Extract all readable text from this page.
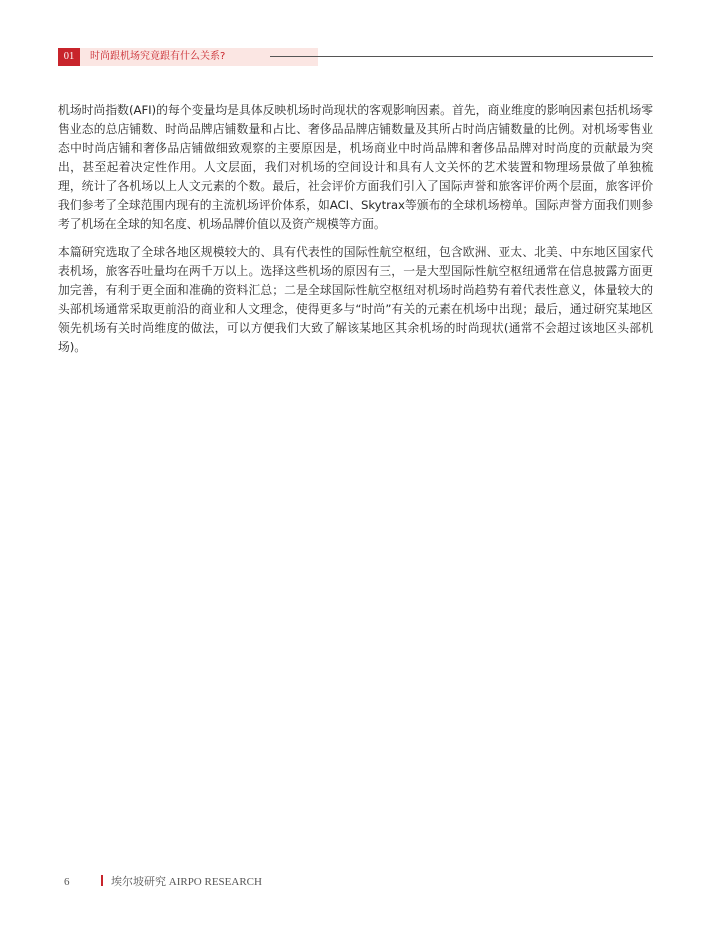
01	时尚跟机场究竟跟有什么关系?

机场时尚指数(AFI)的每个变量均是具体反映机场时尚现状的客观影响因素。首先，商业维度的影响因素包括机场零售业态的总店铺数、时尚品牌店铺数量和占比、奢侈品品牌店铺数量及其所占时尚店铺数量的比例。对机场零售业态中时尚店铺和奢侈品店铺做细致观察的主要原因是，机场商业中时尚品牌和奢侈品品牌对时尚度的贡献最为突出，甚至起着决定性作用。人文层面，我们对机场的空间设计和具有人文关怀的艺术装置和物理场景做了单独梳理，统计了各机场以上人文元素的个数。最后，社会评价方面我们引入了国际声誉和旅客评价两个层面，旅客评价我们参考了全球范围内现有的主流机场评价体系，如ACI、Skytrax等颁布的全球机场榜单。国际声誉方面我们则参考了机场在全球的知名度、机场品牌价值以及资产规模等方面。

本篇研究选取了全球各地区规模较大的、具有代表性的国际性航空枢纽，包含欧洲、亚太、北美、中东地区国家代表机场，旅客吞吐量均在两千万以上。选择这些机场的原因有三，一是大型国际性航空枢纽通常在信息披露方面更加完善，有利于更全面和准确的资料汇总；二是全球国际性航空枢纽对机场时尚趋势有着代表性意义，体量较大的头部机场通常采取更前沿的商业和人文理念，使得更多与“时尚”有关的元素在机场中出现；最后，通过研究某地区领先机场有关时尚维度的做法，可以方便我们大致了解该某地区其余机场的时尚现状(通常不会超过该地区头部机场)。

6	埃尔坡研究 AIRPO RESEARCH
